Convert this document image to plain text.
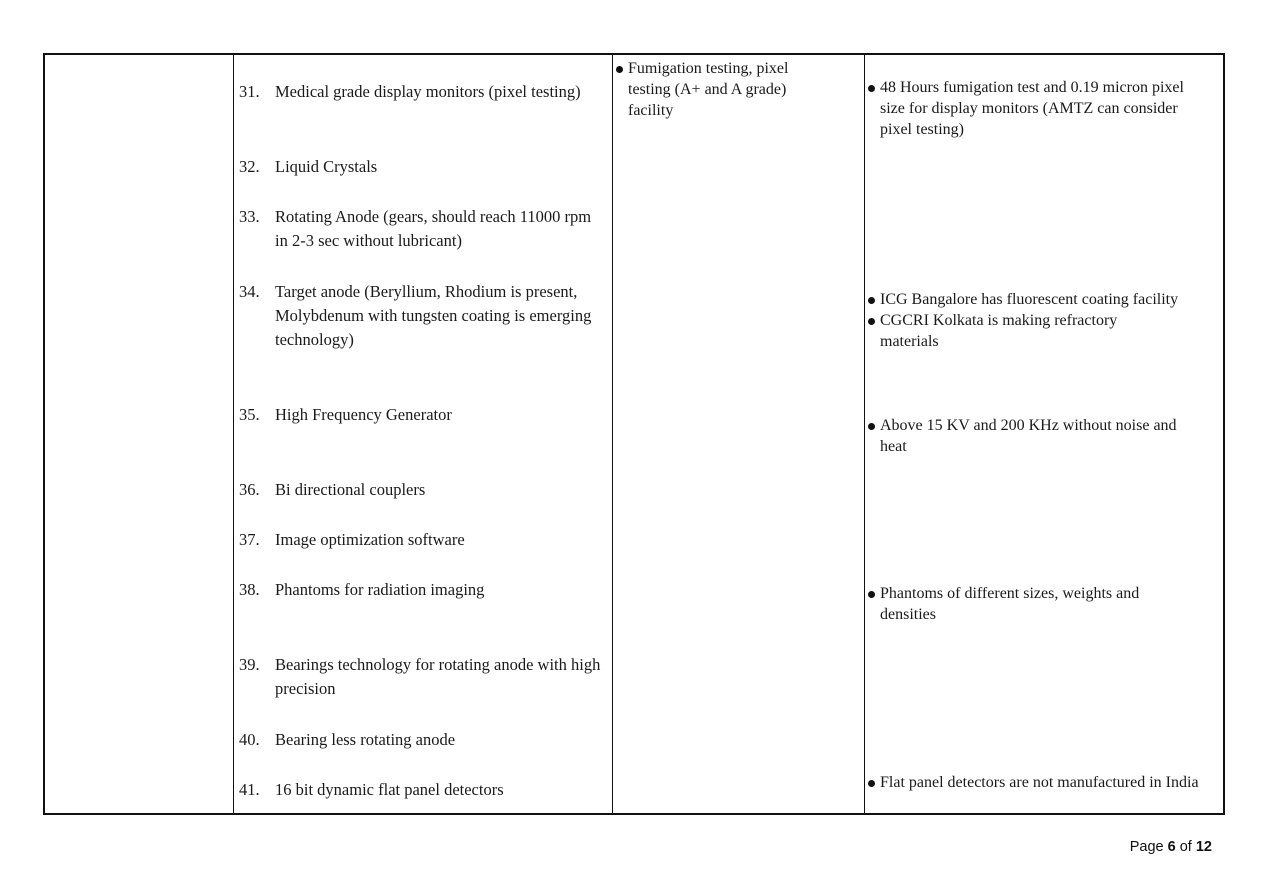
31. Medical grade display monitors (pixel testing)
32. Liquid Crystals
33. Rotating Anode (gears, should reach 11000 rpm in 2-3 sec without lubricant)
34. Target anode (Beryllium, Rhodium is present, Molybdenum with tungsten coating is emerging technology)
35. High Frequency Generator
36. Bi directional couplers
37. Image optimization software
38. Phantoms for radiation imaging
39. Bearings technology for rotating anode with high precision
40. Bearing less rotating anode
41. 16 bit dynamic flat panel detectors
Fumigation testing, pixel testing (A+ and A grade) facility
48 Hours fumigation test and 0.19 micron pixel size for display monitors (AMTZ can consider pixel testing)
ICG Bangalore has fluorescent coating facility
CGCRI Kolkata is making refractory materials
Above 15 KV and 200 KHz without noise and heat
Phantoms of different sizes, weights and densities
Flat panel detectors are not manufactured in India
Page 6 of 12
